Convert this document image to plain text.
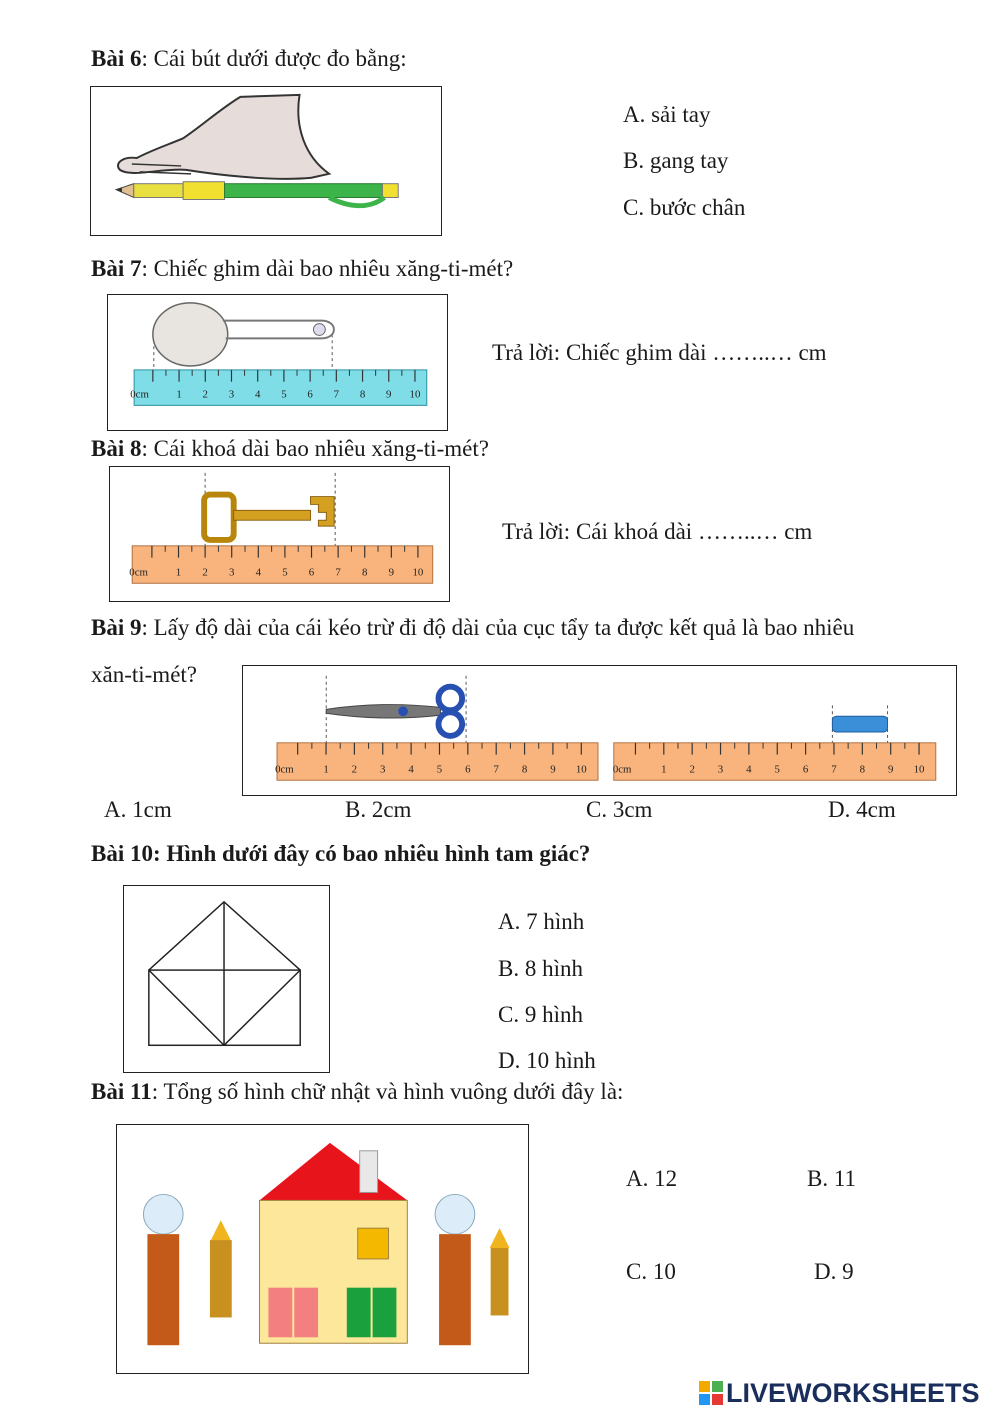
Bài 6: Cái bút dưới được đo bằng:
A. sải tay
B. gang tay
C. bước chân
Bài 7: Chiếc ghim dài bao nhiêu xăng-ti-mét?
0cm 1 2 3 4 5 6 7 8 9 10
Trả lời: Chiếc ghim dài ……..… cm
Bài 8: Cái khoá dài bao nhiêu xăng-ti-mét?
0cm	1 2 3 4 5 6 7 8 9 10
Trả lời: Cái khoá dài ……..… cm
Bài 9: Lấy độ dài của cái kéo trừ đi độ dài của cục tẩy ta được kết quả là bao nhiêu
xăn-ti-mét?
0cm	1 2 3 4 5 6 7 8 9 10 0cm	1 2 3 4 5 6 7 8 9 10
A. 1cm	B. 2cm	C. 3cm	D. 4cm
Bài 10: Hình dưới đây có bao nhiêu hình tam giác?
A. 7 hình
B. 8 hình
C. 9 hình
D. 10 hình
Bài 11: Tổng số hình chữ nhật và hình vuông dưới đây là:
A. 12	B. 11
C. 10	D. 9
LIVEWORKSHEETS
